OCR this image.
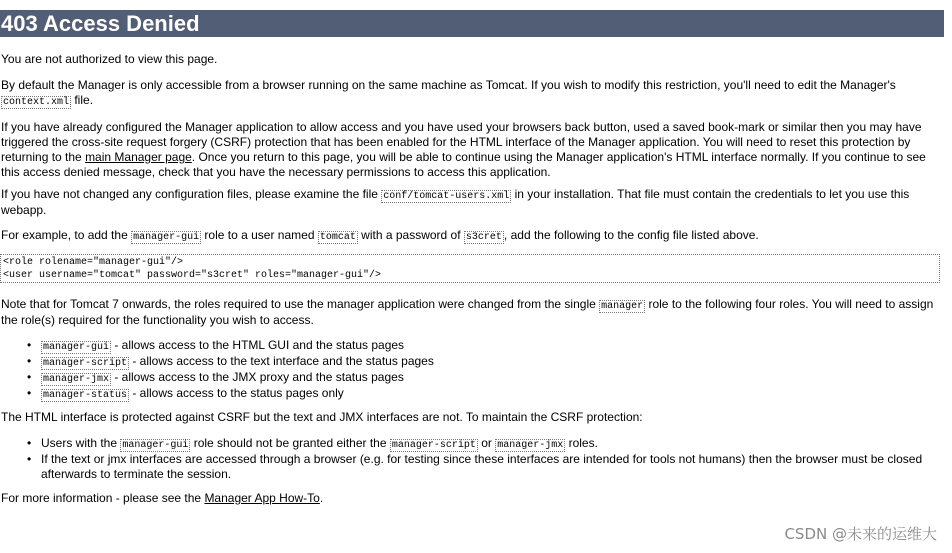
403 Access Denied

You are not authorized to view this page.

By default the Manager is only accessible from a browser running on the same machine as Tomcat. If you wish to modify this restriction, you'll need to edit the Manager's context.xml file.

If you have already configured the Manager application to allow access and you have used your browsers back button, used a saved book-mark or similar then you may have triggered the cross-site request forgery (CSRF) protection that has been enabled for the HTML interface of the Manager application. You will need to reset this protection by returning to the main Manager page. Once you return to this page, you will be able to continue using the Manager application's HTML interface normally. If you continue to see this access denied message, check that you have the necessary permissions to access this application.

If you have not changed any configuration files, please examine the file conf/tomcat-users.xml in your installation. That file must contain the credentials to let you use this webapp.

For example, to add the manager-gui role to a user named tomcat with a password of s3cret , add the following to the config file listed above.

<role rolename="manager-gui"/>
<user username="tomcat" password="s3cret" roles="manager-gui"/>

Note that for Tomcat 7 onwards, the roles required to use the manager application were changed from the single manager role to the following four roles. You will need to assign the role(s) required for the functionality you wish to access.

• manager-gui - allows access to the HTML GUI and the status pages
• manager-script - allows access to the text interface and the status pages
• manager-jmx - allows access to the JMX proxy and the status pages
• manager-status - allows access to the status pages only

The HTML interface is protected against CSRF but the text and JMX interfaces are not. To maintain the CSRF protection:

• Users with the manager-gui role should not be granted either the manager-script or manager-jmx roles.
• If the text or jmx interfaces are accessed through a browser (e.g. for testing since these interfaces are intended for tools not humans) then the browser must be closed afterwards to terminate the session.

For more information - please see the Manager App How-To.

CSDN @未来的运维大
